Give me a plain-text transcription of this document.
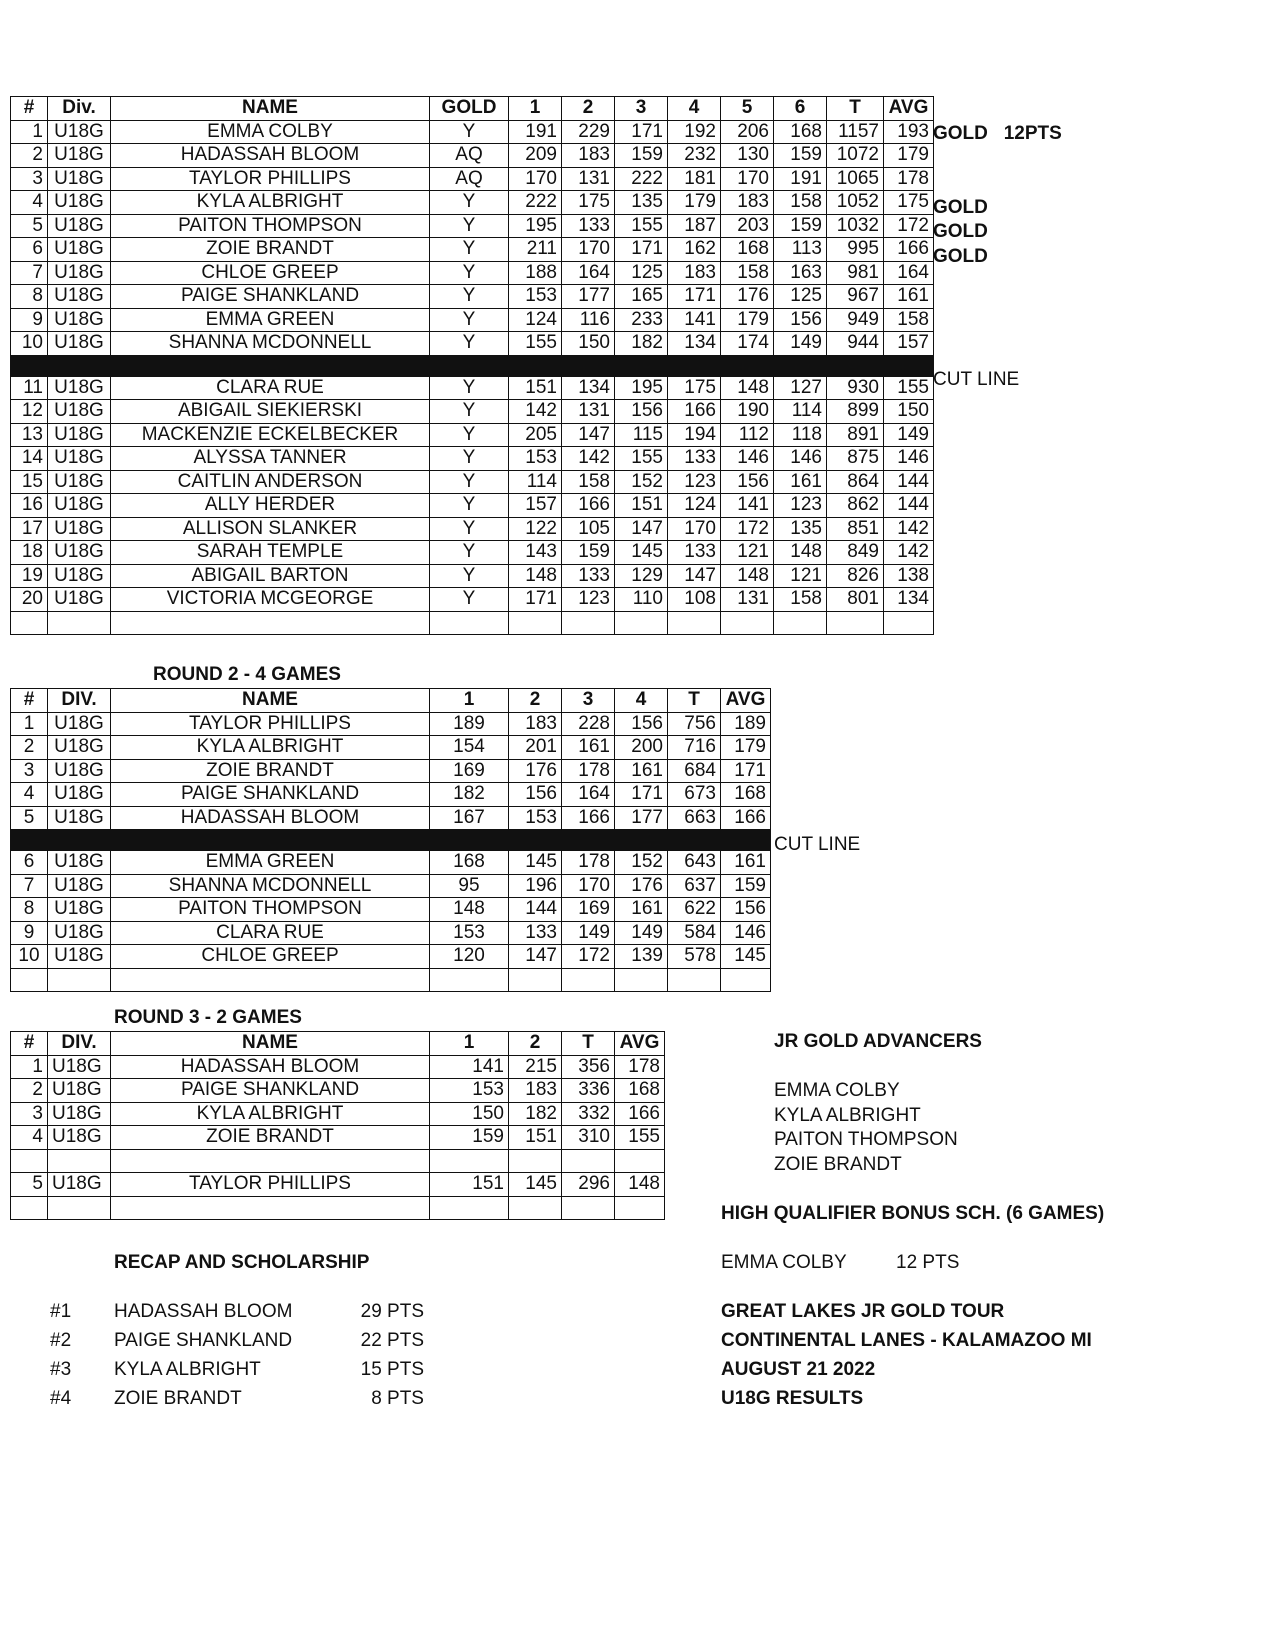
#	Div.	NAME	GOLD	1	2	3	4	5	6	T	AVG
1	U18G	EMMA COLBY	Y	191	229	171	192	206	168	1157	193
2	U18G	HADASSAH BLOOM	AQ	209	183	159	232	130	159	1072	179
3	U18G	TAYLOR PHILLIPS	AQ	170	131	222	181	170	191	1065	178
4	U18G	KYLA ALBRIGHT	Y	222	175	135	179	183	158	1052	175
5	U18G	PAITON THOMPSON	Y	195	133	155	187	203	159	1032	172
6	U18G	ZOIE BRANDT	Y	211	170	171	162	168	113	995	166
7	U18G	CHLOE GREEP	Y	188	164	125	183	158	163	981	164
8	U18G	PAIGE SHANKLAND	Y	153	177	165	171	176	125	967	161
9	U18G	EMMA GREEN	Y	124	116	233	141	179	156	949	158
10	U18G	SHANNA MCDONNELL	Y	155	150	182	134	174	149	944	157

11	U18G	CLARA RUE	Y	151	134	195	175	148	127	930	155
12	U18G	ABIGAIL SIEKIERSKI	Y	142	131	156	166	190	114	899	150
13	U18G	MACKENZIE ECKELBECKER	Y	205	147	115	194	112	118	891	149
14	U18G	ALYSSA TANNER	Y	153	142	155	133	146	146	875	146
15	U18G	CAITLIN ANDERSON	Y	114	158	152	123	156	161	864	144
16	U18G	ALLY HERDER	Y	157	166	151	124	141	123	862	144
17	U18G	ALLISON SLANKER	Y	122	105	147	170	172	135	851	142
18	U18G	SARAH TEMPLE	Y	143	159	145	133	121	148	849	142
19	U18G	ABIGAIL BARTON	Y	148	133	129	147	148	121	826	138
20	U18G	VICTORIA MCGEORGE	Y	171	123	110	108	131	158	801	134

GOLD   12PTS
GOLD
GOLD
GOLD
CUT LINE
ROUND 2 - 4 GAMES
#	DIV.	NAME	1	2	3	4	T	AVG
1	U18G	TAYLOR PHILLIPS	189	183	228	156	756	189
2	U18G	KYLA ALBRIGHT	154	201	161	200	716	179
3	U18G	ZOIE BRANDT	169	176	178	161	684	171
4	U18G	PAIGE SHANKLAND	182	156	164	171	673	168
5	U18G	HADASSAH BLOOM	167	153	166	177	663	166

6	U18G	EMMA GREEN	168	145	178	152	643	161
7	U18G	SHANNA MCDONNELL	95	196	170	176	637	159
8	U18G	PAITON THOMPSON	148	144	169	161	622	156
9	U18G	CLARA RUE	153	133	149	149	584	146
10	U18G	CHLOE GREEP	120	147	172	139	578	145

CUT LINE
ROUND 3 - 2 GAMES
#	DIV.	NAME	1	2	T	AVG
1	U18G	HADASSAH BLOOM	141	215	356	178
2	U18G	PAIGE SHANKLAND	153	183	336	168
3	U18G	KYLA ALBRIGHT	150	182	332	166
4	U18G	ZOIE BRANDT	159	151	310	155

5	U18G	TAYLOR PHILLIPS	151	145	296	148

RECAP AND SCHOLARSHIP
#1 HADASSAH BLOOM	29 PTS
#2 PAIGE SHANKLAND	22 PTS
#3 KYLA ALBRIGHT	15 PTS
#4 ZOIE BRANDT	8 PTS
JR GOLD ADVANCERS
EMMA COLBY
KYLA ALBRIGHT
PAITON THOMPSON
ZOIE BRANDT
HIGH QUALIFIER BONUS SCH. (6 GAMES)
EMMA COLBY	12 PTS
GREAT LAKES JR GOLD TOUR
CONTINENTAL LANES - KALAMAZOO MI
AUGUST 21 2022
U18G RESULTS
